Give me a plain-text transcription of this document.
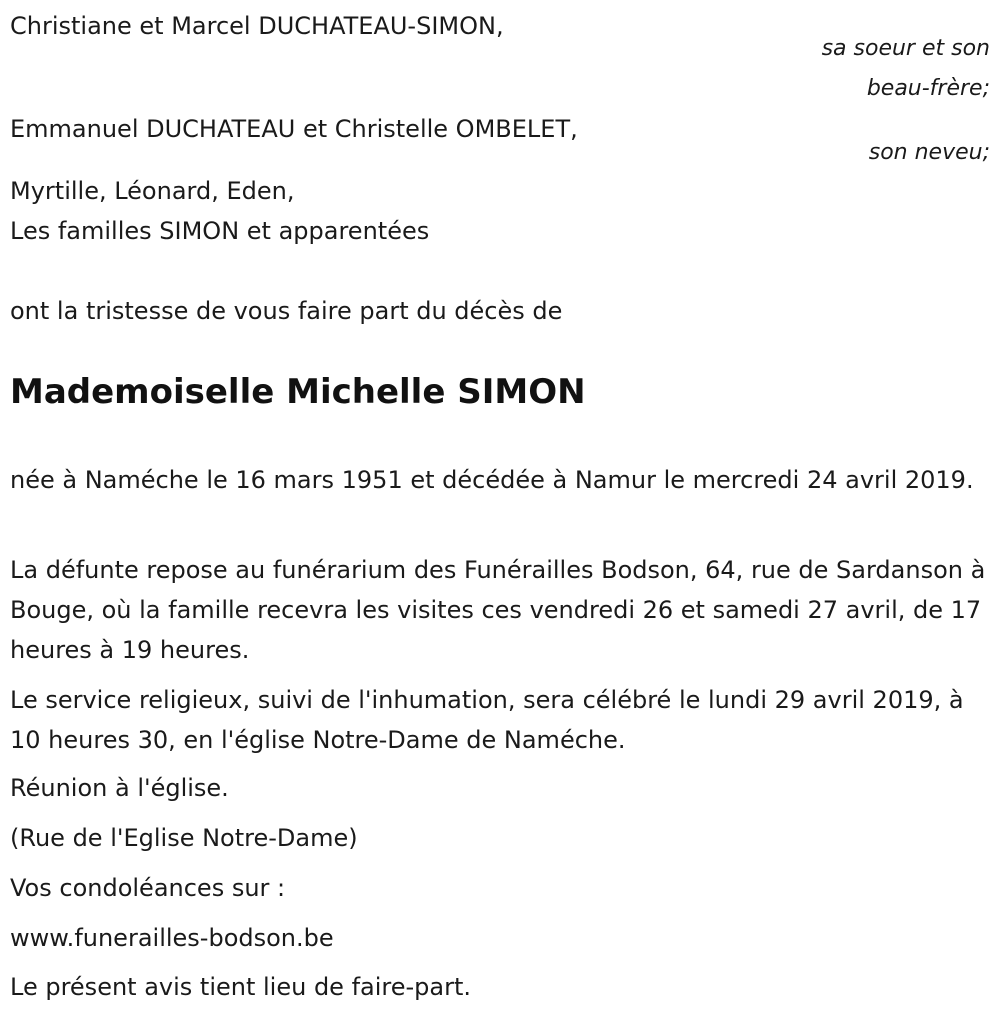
Christiane et Marcel DUCHATEAU-SIMON,
sa soeur et son
beau-frère;
Emmanuel DUCHATEAU et Christelle OMBELET,
son neveu;
Myrtille, Léonard, Eden,
Les familles SIMON et apparentées
ont la tristesse de vous faire part du décès de
Mademoiselle Michelle SIMON
née à Naméche le 16 mars 1951 et décédée à Namur le mercredi 24 avril 2019.
La défunte repose au funérarium des Funérailles Bodson, 64, rue de Sardanson à Bouge, où la famille recevra les visites ces vendredi 26 et samedi 27 avril, de 17 heures à 19 heures.
Le service religieux, suivi de l'inhumation, sera célébré le lundi 29 avril 2019, à 10 heures 30, en l'église Notre-Dame de Naméche.
Réunion à l'église.
(Rue de l'Eglise Notre-Dame)
Vos condoléances sur :
www.funerailles-bodson.be
Le présent avis tient lieu de faire-part.
